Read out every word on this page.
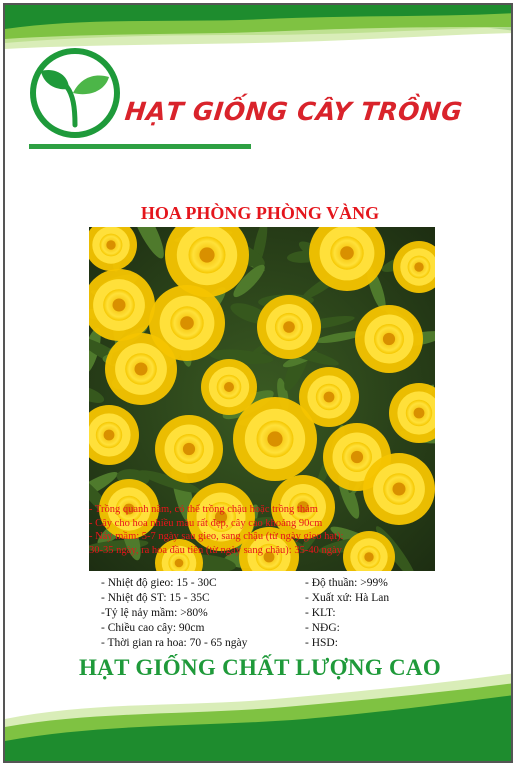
HẠT GIỐNG CÂY TRỒNG
HOA PHÒNG PHÒNG VÀNG
- Trồng quanh năm, có thể trồng chậu hoặc trồng thảm
- Cây cho hoa nhiều màu rất đẹp, cây cao khoảng 90cm
- Nảy mầm: 5-7 ngày sau gieo, sang chậu (từ ngày gieo hạt):
30-35 ngày, ra hoa đầu tiên (từ ngày sang chậu): 35-40 ngày
- Nhiệt độ gieo: 15 - 30C	- Độ thuần: >99%
- Nhiệt độ ST: 15 - 35C	- Xuất xứ: Hà Lan
-Tỷ lệ nảy mầm: >80%	- KLT:
- Chiều cao cây: 90cm	- NĐG:
- Thời gian ra hoa: 70 - 65 ngày	- HSD:
HẠT GIỐNG CHẤT LƯỢNG CAO
